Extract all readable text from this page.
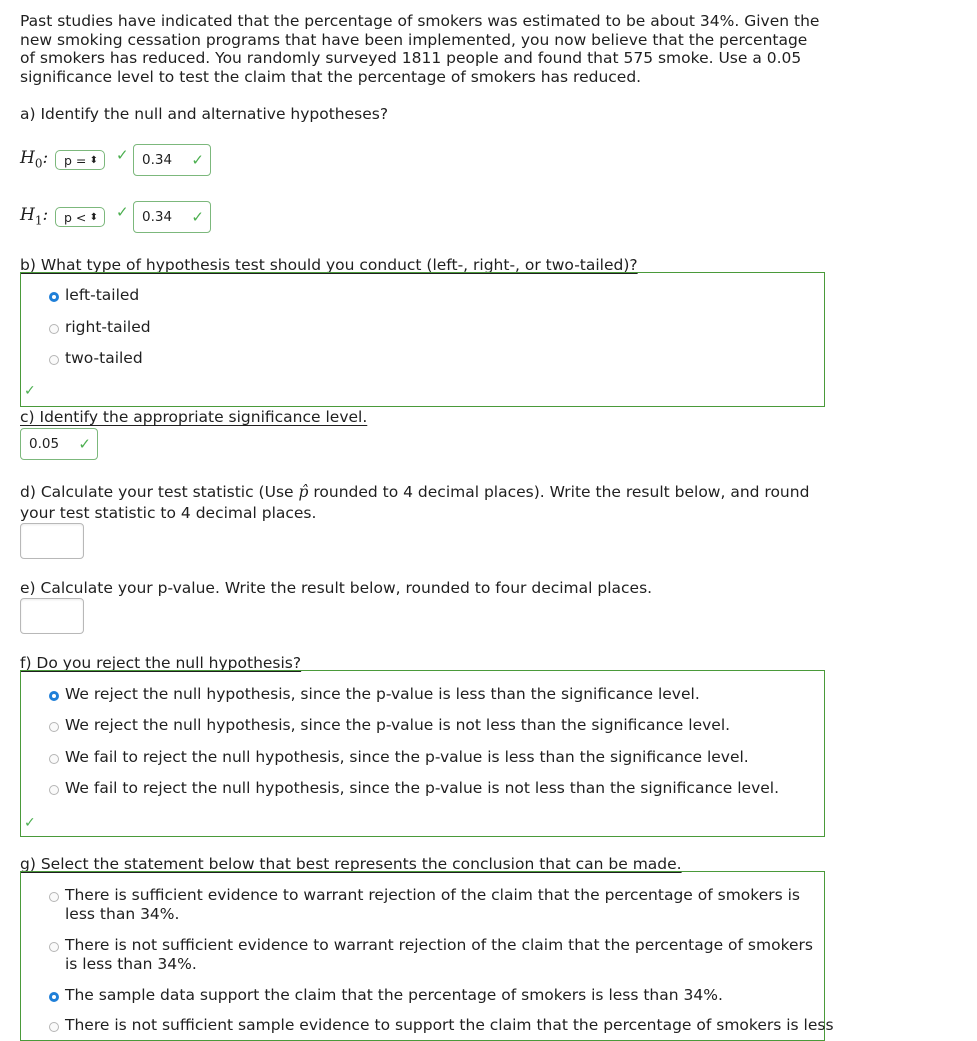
Past studies have indicated that the percentage of smokers was estimated to be about 34%. Given the new smoking cessation programs that have been implemented, you now believe that the percentage of smokers has reduced. You randomly surveyed 1811 people and found that 575 smoke. Use a 0.05 significance level to test the claim that the percentage of smokers has reduced.
a) Identify the null and alternative hypotheses?
$H_0$:	p = ⬍ ✓ 0.34 ✓
$H_1$:	p < ⬍ ✓ 0.34 ✓
b) What type of hypothesis test should you conduct (left-, right-, or two-tailed)?
left-tailed
right-tailed
two-tailed
✓
c) Identify the appropriate significance level.
0.05 ✓
d) Calculate your test statistic (Use p̂ rounded to 4 decimal places). Write the result below, and round your test statistic to 4 decimal places.
e) Calculate your p-value. Write the result below, rounded to four decimal places.
f) Do you reject the null hypothesis?
We reject the null hypothesis, since the p-value is less than the significance level.
We reject the null hypothesis, since the p-value is not less than the significance level.
We fail to reject the null hypothesis, since the p-value is less than the significance level.
We fail to reject the null hypothesis, since the p-value is not less than the significance level.
✓
g) Select the statement below that best represents the conclusion that can be made.
There is sufficient evidence to warrant rejection of the claim that the percentage of smokers is less than 34%.
There is not sufficient evidence to warrant rejection of the claim that the percentage of smokers is less than 34%.
The sample data support the claim that the percentage of smokers is less than 34%.
There is not sufficient sample evidence to support the claim that the percentage of smokers is less
